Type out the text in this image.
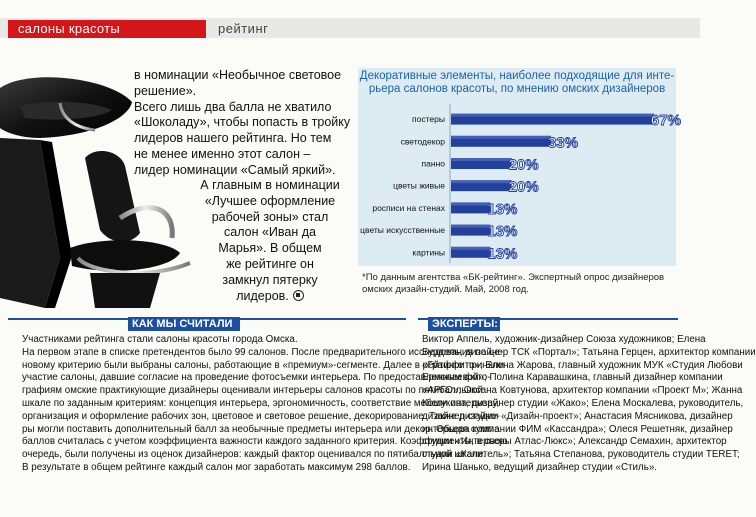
салоны красоты	рейтинг
в номинации «Необычное световое
решение».
Всего лишь два балла не хватило
«Шоколаду», чтобы попасть в тройку
лидеров нашего рейтинга. Но тем
не менее именно этот салон –
лидер номинации «Самый яркий».
А главным в номинации
«Лучшее оформление
рабочей зоны» стал
салон «Иван да
Марья». В общем
же рейтинге он
замкнул пятерку
лидеров.
Декоративные элементы, наиболее подходящие для инте-
рьера салонов красоты, по мнению омских дизайнеров
постеры	67%
светодекор	33%
панно	20%
цветы живые	20%
росписи на стенах	13%
цветы искусственные	13%
картины	13%
*По данным агентства «БК-рейтинг». Экспертный опрос дизайнеров
омских дизайн-студий. Май, 2008 год.
КАК МЫ СЧИТАЛИ
Участниками рейтинга стали салоны красоты города Омска.
На первом этапе в списке претендентов было 99 салонов. После предварительного исследования по це-
новому критерию были выбраны салоны, работающие в «премиум»-сегменте. Далее в рейтинге приняли
участие салоны, давшие согласие на проведение фотосъемки интерьера. По предоставленным фото-
графиям омские практикующие дизайнеры оценивали интерьеры салонов красоты по пятибалльной
шкале по заданным критериям: концепция интерьера, эргономичность, соответствие мебели интерьеру,
организация и оформление рабочих зон, цветовое и световое решение, декорирование. Также дизайне-
ры могли поставить дополнительный балл за необычные предметы интерьера или декор. Общая сумма
баллов считалась с учетом коэффициента важности каждого заданного критерия. Коэффициенты, в свою
очередь, были получены из оценок дизайнеров: каждый фактор оценивался по пятибалльной шкале.
В результате в общем рейтинге каждый салон мог заработать максимум 298 баллов.
ЭКСПЕРТЫ:
Виктор Аппель, художник-дизайнер Союза художников; Елена
Бурдель, дизайнер ТСК «Портал»; Татьяна Герцен, архитектор компании
«Граффито»; Елена Жарова, главный художник МУК «Студия Любови
Ермолаевой»; Полина Каравашкина, главный дизайнер компании
«АРГО»; Оксана Ковтунова, архитектор компании «Проект М»; Жанна
Кошукова, дизайнер студии «Жако»; Елена Москалева, руководитель,
дизайнер студии «Дизайн-проект»; Анастасия Мясникова, дизайнер
интерьера компании ФИМ «Кассандра»; Олеся Решетняк, дизайнер
студии «Интерьеры Атлас-Люкс»; Александр Семахин, архитектор
студии «Капитель»; Татьяна Степанова, руководитель студии TERET;
Ирина Шанько, ведущий дизайнер студии «Стиль».
